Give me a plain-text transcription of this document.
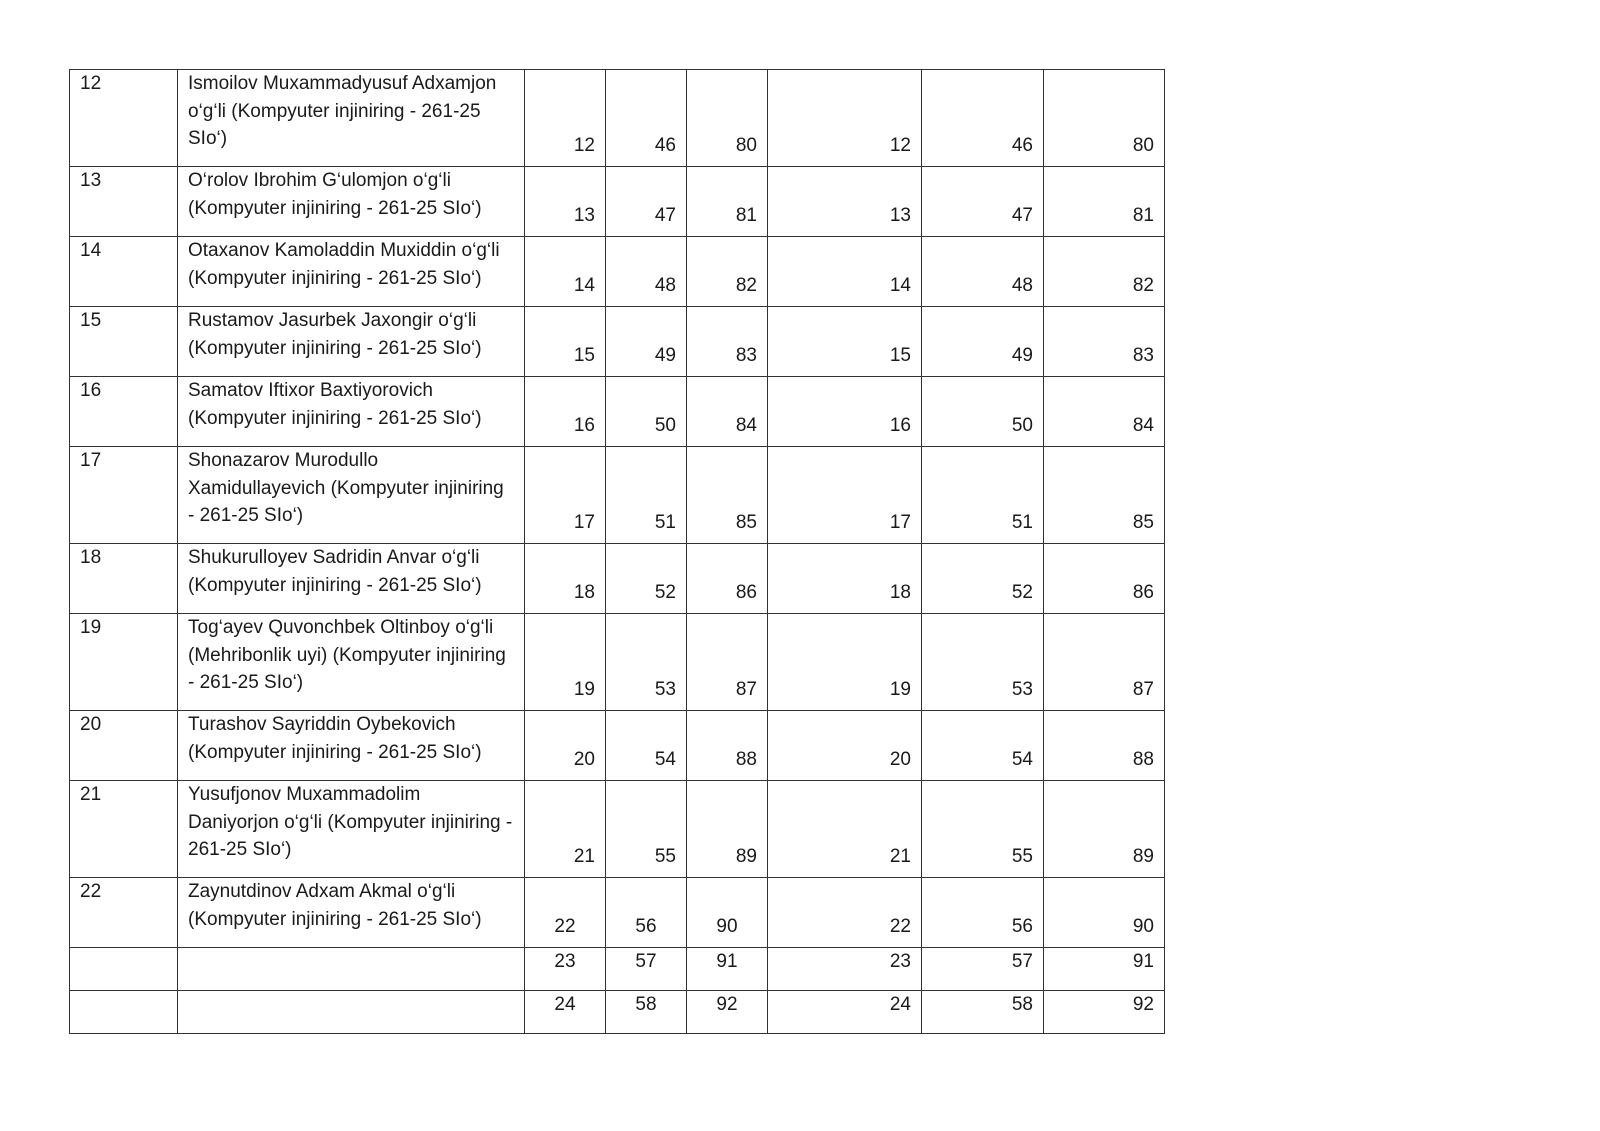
12	Ismoilov Muxammadyusuf Adxamjon o‘g‘li (Kompyuter injiniring - 261-25 SIo‘)	12	46	80	12	46	80
13	O‘rolov Ibrohim G‘ulomjon o‘g‘li (Kompyuter injiniring - 261-25 SIo‘)	13	47	81	13	47	81
14	Otaxanov Kamoladdin Muxiddin o‘g‘li (Kompyuter injiniring - 261-25 SIo‘)	14	48	82	14	48	82
15	Rustamov Jasurbek Jaxongir o‘g‘li (Kompyuter injiniring - 261-25 SIo‘)	15	49	83	15	49	83
16	Samatov Iftixor Baxtiyorovich (Kompyuter injiniring - 261-25 SIo‘)	16	50	84	16	50	84
17	Shonazarov Murodullo Xamidullayevich (Kompyuter injiniring - 261-25 SIo‘)	17	51	85	17	51	85
18	Shukurulloyev Sadridin Anvar o‘g‘li (Kompyuter injiniring - 261-25 SIo‘)	18	52	86	18	52	86
19	Tog‘ayev Quvonchbek Oltinboy o‘g‘li (Mehribonlik uyi) (Kompyuter injiniring - 261-25 SIo‘)	19	53	87	19	53	87
20	Turashov Sayriddin Oybekovich (Kompyuter injiniring - 261-25 SIo‘)	20	54	88	20	54	88
21	Yusufjonov Muxammadolim Daniyorjon o‘g‘li (Kompyuter injiniring - 261-25 SIo‘)	21	55	89	21	55	89
22	Zaynutdinov Adxam Akmal o‘g‘li (Kompyuter injiniring - 261-25 SIo‘)	22	56	90	22	56	90
		23	57	91	23	57	91
		24	58	92	24	58	92
